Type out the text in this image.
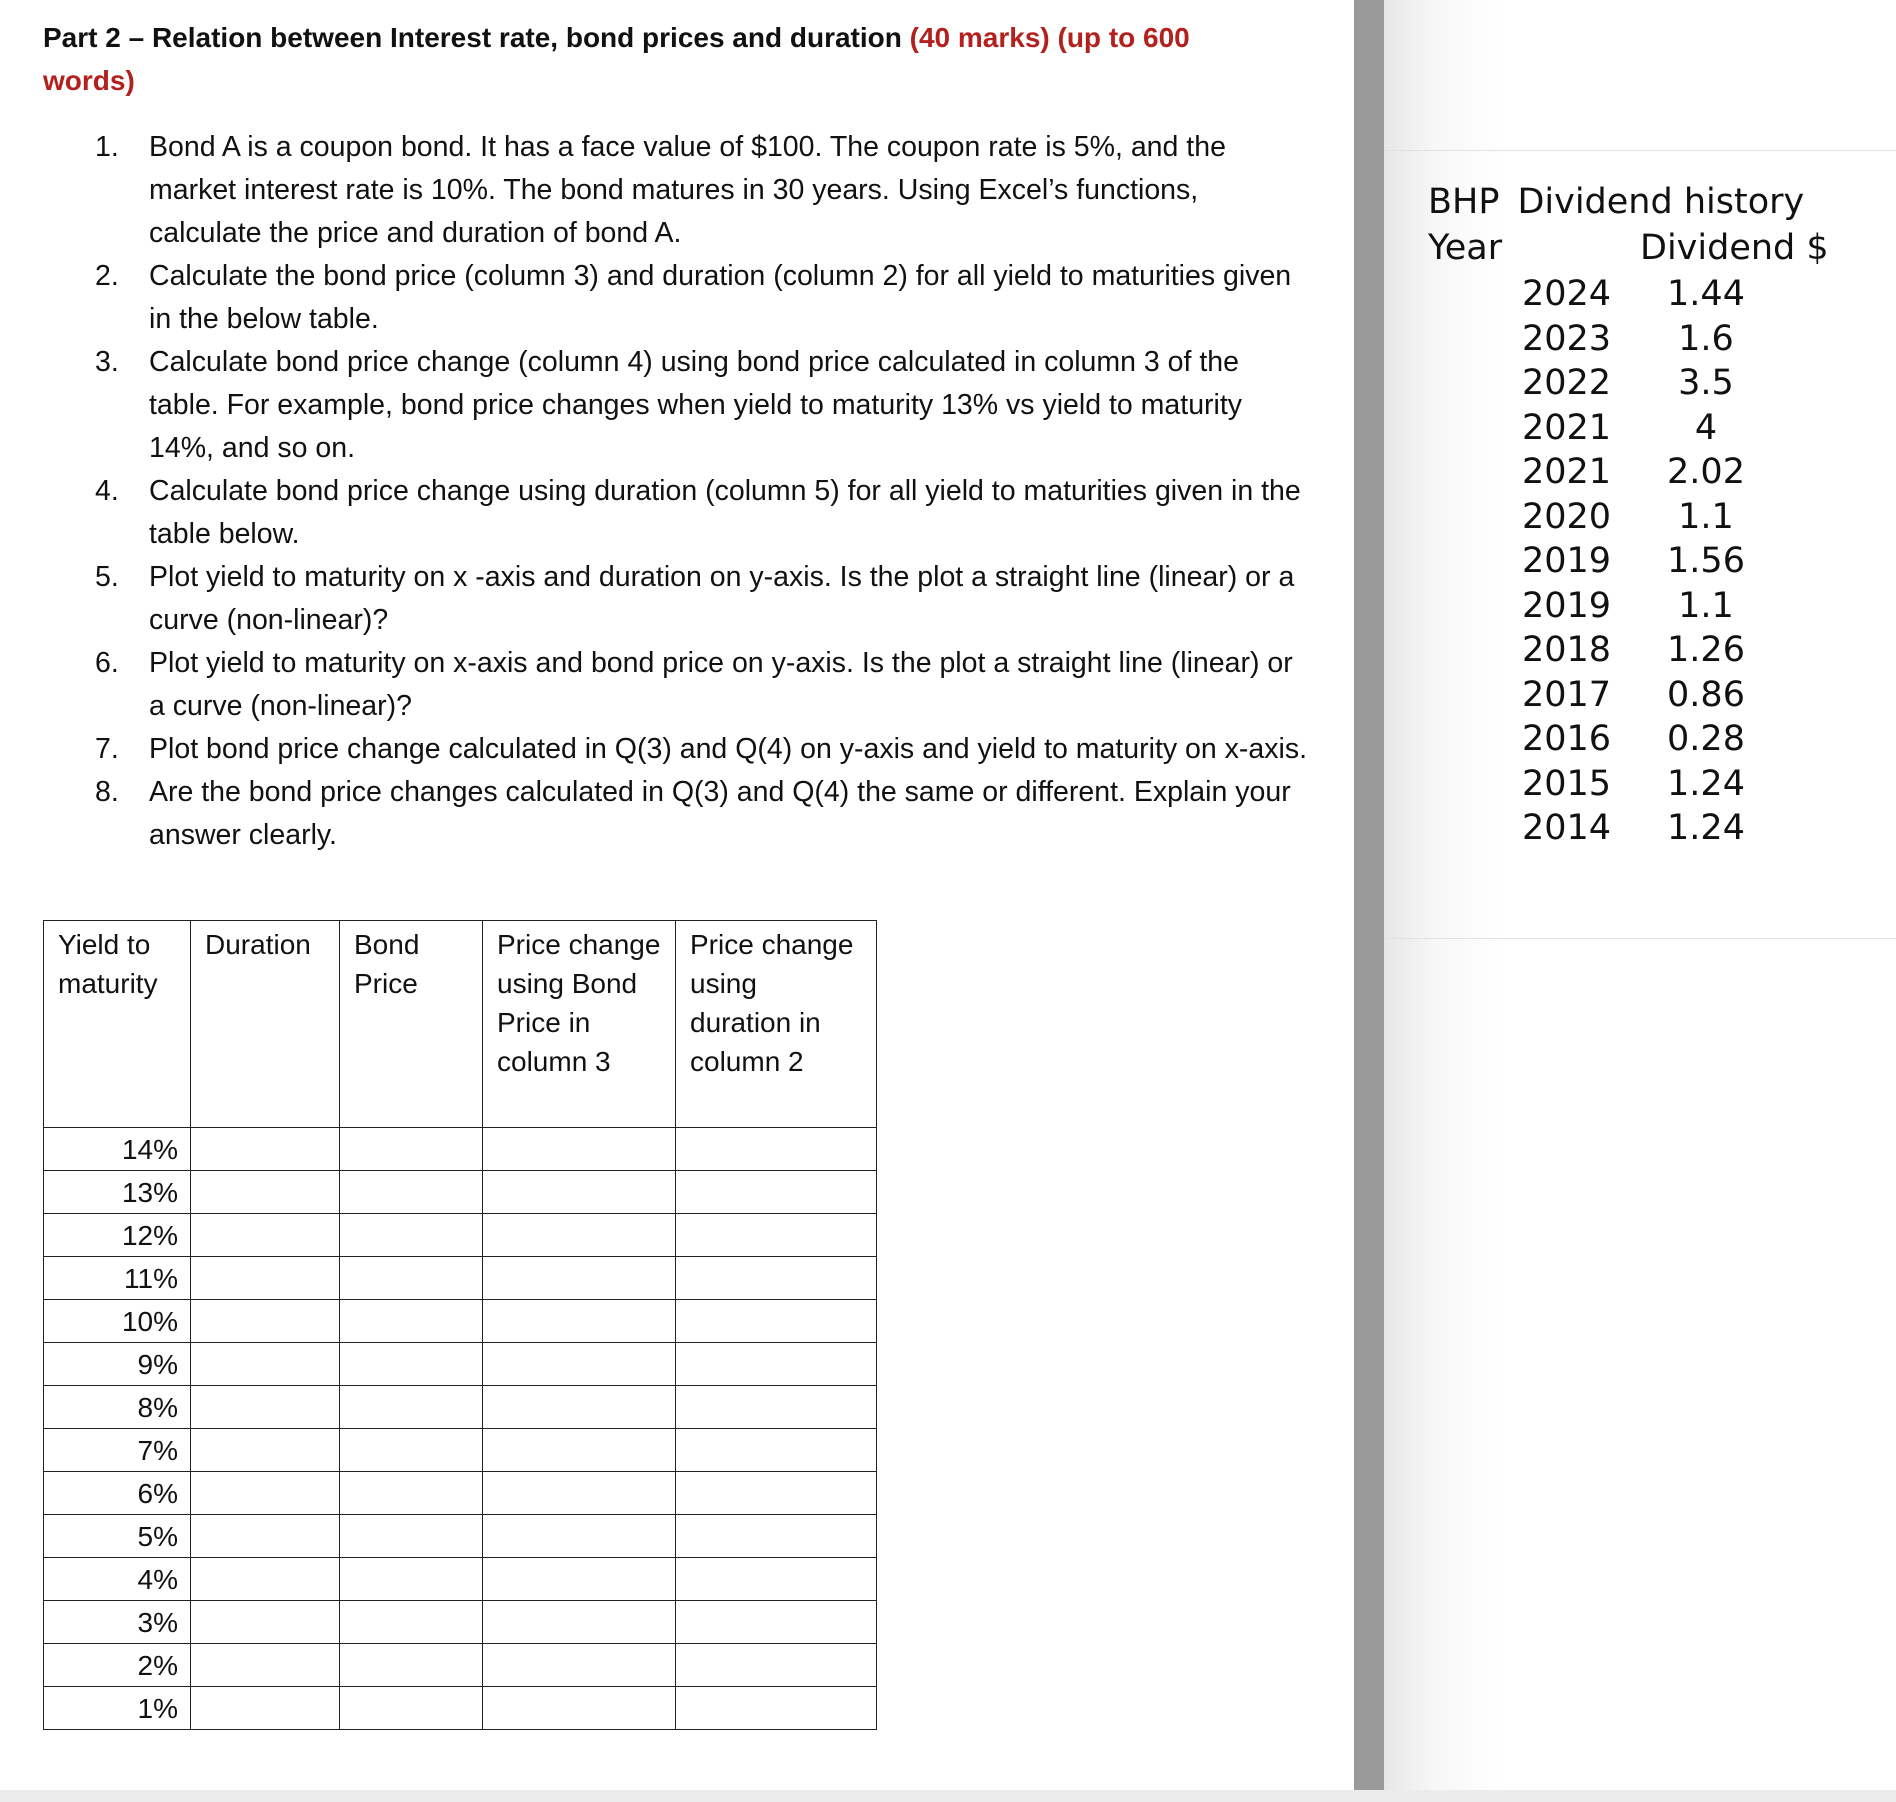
Part 2 – Relation between Interest rate, bond prices and duration (40 marks) (up to 600 words)
1. Bond A is a coupon bond. It has a face value of $100. The coupon rate is 5%, and the market interest rate is 10%. The bond matures in 30 years. Using Excel’s functions, calculate the price and duration of bond A.
2. Calculate the bond price (column 3) and duration (column 2) for all yield to maturities given in the below table.
3. Calculate bond price change (column 4) using bond price calculated in column 3 of the table. For example, bond price changes when yield to maturity 13% vs yield to maturity 14%, and so on.
4. Calculate bond price change using duration (column 5) for all yield to maturities given in the table below.
5. Plot yield to maturity on x -axis and duration on y-axis. Is the plot a straight line (linear) or a curve (non-linear)?
6. Plot yield to maturity on x-axis and bond price on y-axis. Is the plot a straight line (linear) or a curve (non-linear)?
7. Plot bond price change calculated in Q(3) and Q(4) on y-axis and yield to maturity on x-axis.
8. Are the bond price changes calculated in Q(3) and Q(4) the same or different. Explain your answer clearly.
Yield to maturity	Duration	Bond Price	Price change using Bond Price in column 3	Price change using duration in column 2
14%				
13%				
12%				
11%				
10%				
9%				
8%				
7%				
6%				
5%				
4%				
3%				
2%				
1%				
BHP Dividend history
Year	Dividend $
2024	1.44
2023	1.6
2022	3.5
2021	4
2021	2.02
2020	1.1
2019	1.56
2019	1.1
2018	1.26
2017	0.86
2016	0.28
2015	1.24
2014	1.24
